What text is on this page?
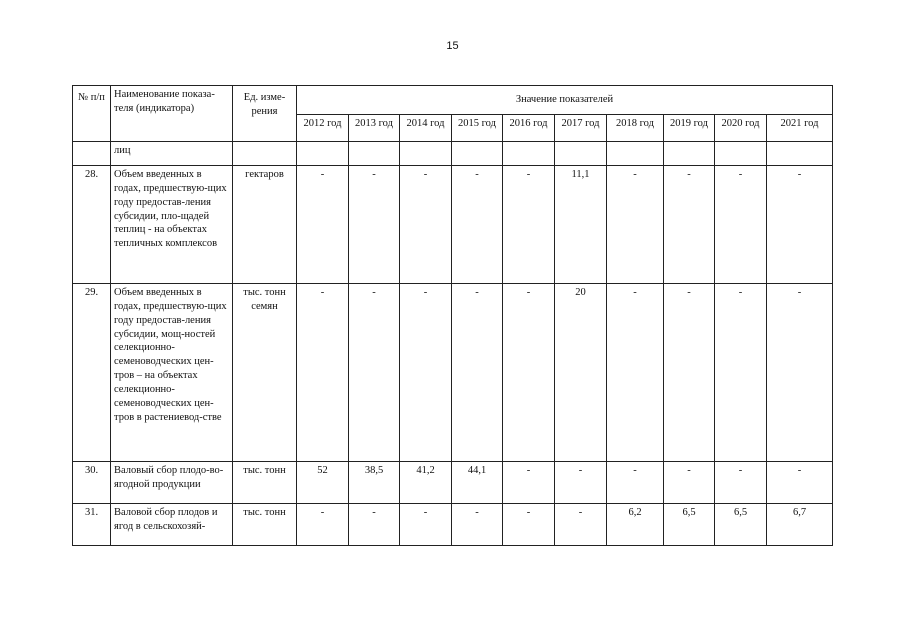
15
№ п/п	Наименование показа-теля (индикатора)	Ед. изме-рения	Значение показателей									
			2012 год	2013 год	2014 год	2015 год	2016 год	2017 год	2018 год	2019 год	2020 год	2021 год
	лиц											
28.	Объем введенных в годах, предшествую-щих году предостав-ления субсидии, пло-щадей теплиц - на объектах тепличных комплексов	гектаров	-	-	-	-	-	11,1	-	-	-	-
29.	Объем введенных в годах, предшествую-щих году предостав-ления субсидии, мощ-ностей селекционно-семеноводческих цен-тров – на объектах селекционно-семеноводческих цен-тров в растениевод-стве	тыс. тонн семян	-	-	-	-	-	20	-	-	-	-
30.	Валовый сбор плодо-во-ягодной продукции	тыс. тонн	52	38,5	41,2	44,1	-	-	-	-	-	-
31.	Валовой сбор плодов и ягод в сельскохозяй-	тыс. тонн	-	-	-	-	-	-	6,2	6,5	6,5	6,7
